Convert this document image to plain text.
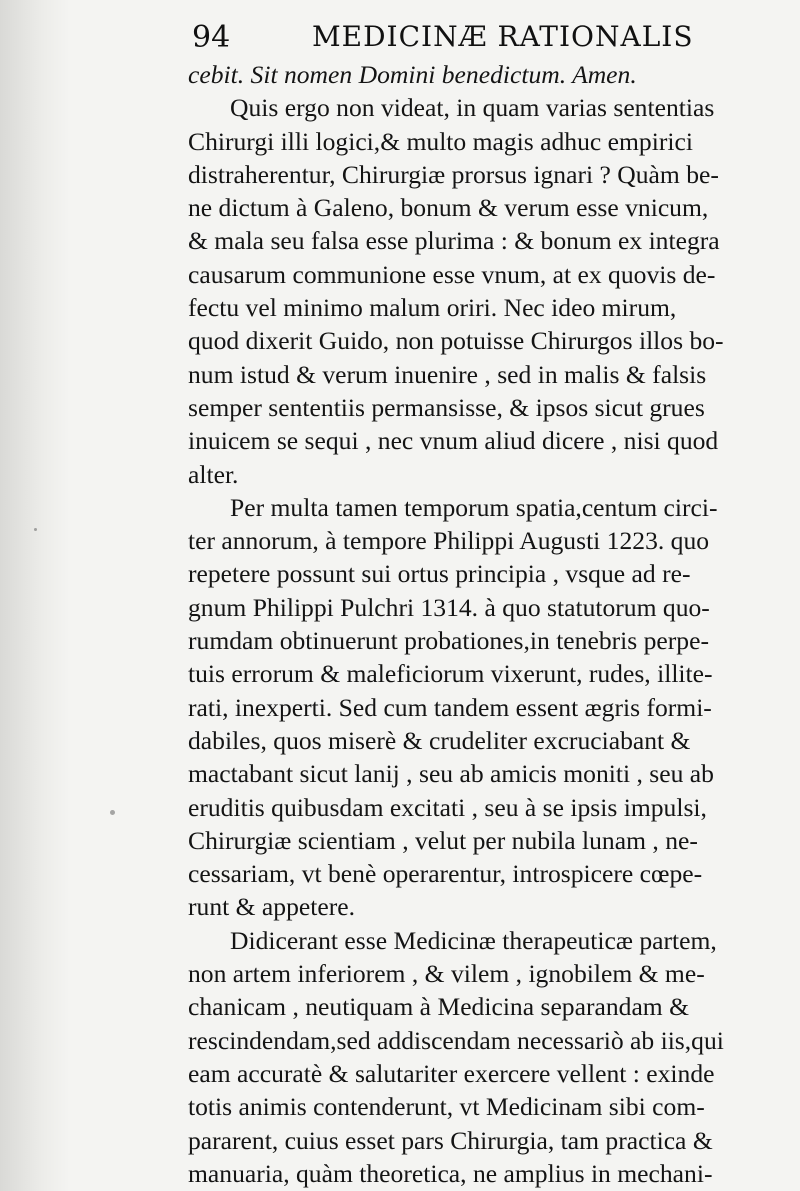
94	MEDICINÆ RATIONALIS
cebit. Sit nomen Domini benedictum. Amen.
Quis ergo non videat, in quam varias sententias
Chirurgi illi logici,& multo magis adhuc empirici
distraherentur, Chirurgiæ prorsus ignari ? Quàm be-
ne dictum à Galeno, bonum & verum esse vnicum,
& mala seu falsa esse plurima : & bonum ex integra
causarum communione esse vnum, at ex quovis de-
fectu vel minimo malum oriri. Nec ideo mirum,
quod dixerit Guido, non potuisse Chirurgos illos bo-
num istud & verum inuenire , sed in malis & falsis
semper sententiis permansisse, & ipsos sicut grues
inuicem se sequi , nec vnum aliud dicere , nisi quod
alter.
Per multa tamen temporum spatia,centum circi-
ter annorum, à tempore Philippi Augusti 1223. quo
repetere possunt sui ortus principia , vsque ad re-
gnum Philippi Pulchri 1314. à quo statutorum quo-
rumdam obtinuerunt probationes,in tenebris perpe-
tuis errorum & maleficiorum vixerunt, rudes, illite-
rati, inexperti. Sed cum tandem essent ægris formi-
dabiles, quos miserè & crudeliter excruciabant &
mactabant sicut lanij , seu ab amicis moniti , seu ab
eruditis quibusdam excitati , seu à se ipsis impulsi,
Chirurgiæ scientiam , velut per nubila lunam , ne-
cessariam, vt benè operarentur, introspicere cœpe-
runt & appetere.
Didicerant esse Medicinæ therapeuticæ partem,
non artem inferiorem , & vilem , ignobilem & me-
chanicam , neutiquam à Medicina separandam &
rescindendam,sed addiscendam necessariò ab iis,qui
eam accuratè & salutariter exercere vellent : exinde
totis animis contenderunt, vt Medicinam sibi com-
pararent, cuius esset pars Chirurgia, tam practica &
manuaria, quàm theoretica, ne amplius in mechani-
